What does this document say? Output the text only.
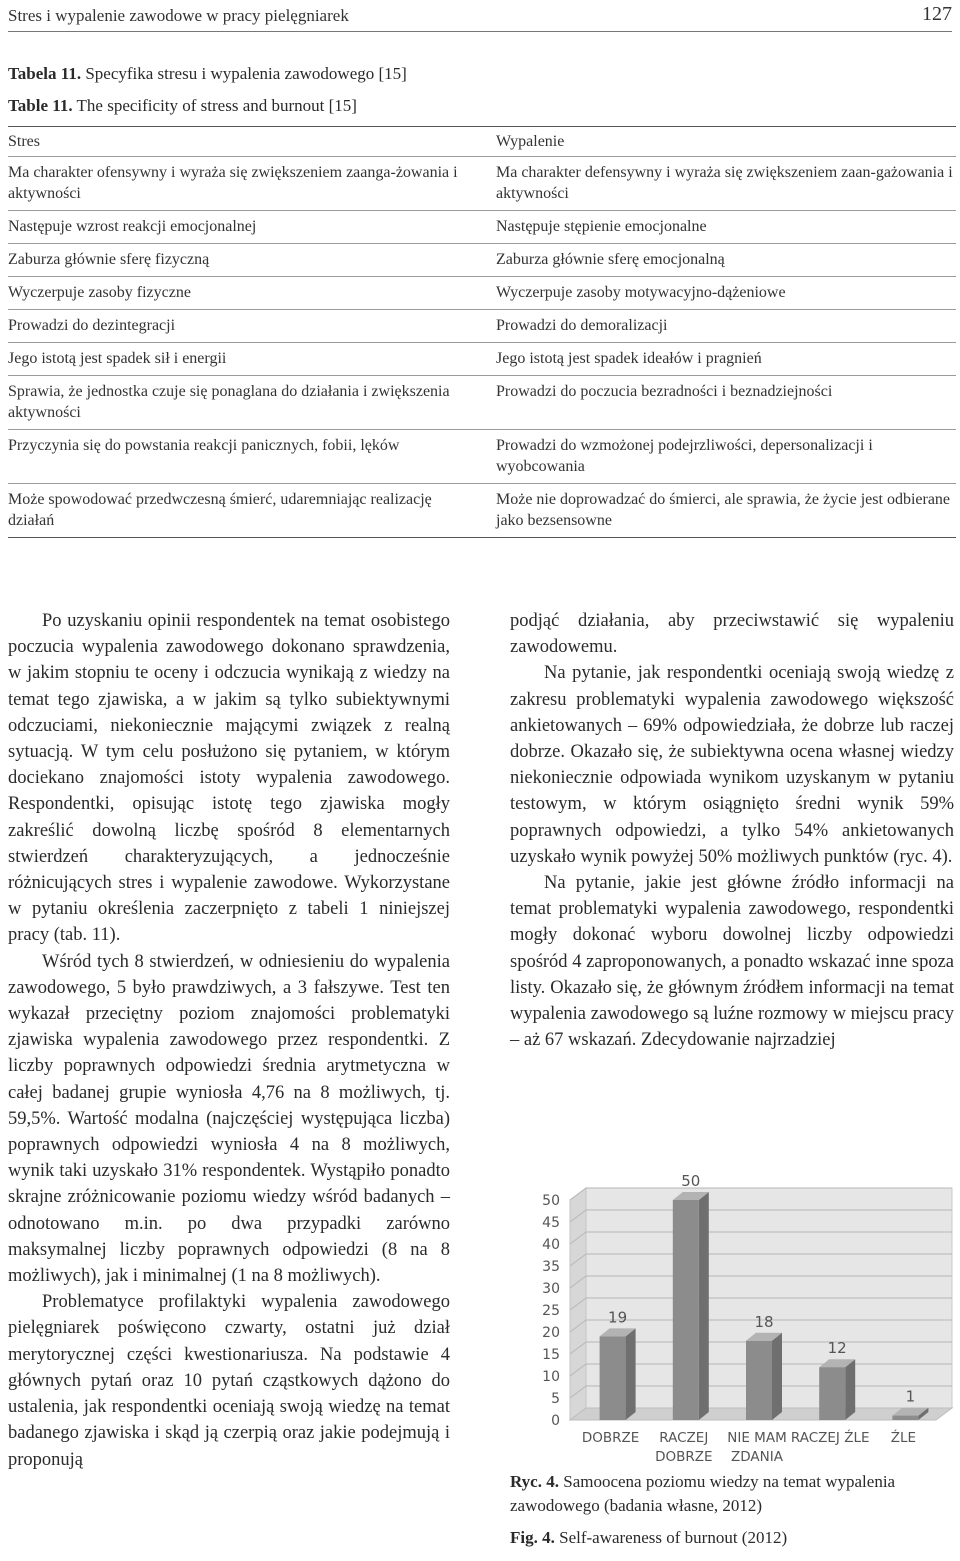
Stres i wypalenie zawodowe w pracy pielęgniarek	127
Tabela 11. Specyfika stresu i wypalenia zawodowego [15]
Table 11. The specificity of stress and burnout [15]
Stres	Wypalenie
Ma charakter ofensywny i wyraża się zwiększeniem zaanga-żowania i aktywności	Ma charakter defensywny i wyraża się zwiększeniem zaan-gażowania i aktywności
Następuje wzrost reakcji emocjonalnej	Następuje stępienie emocjonalne
Zaburza głównie sferę fizyczną	Zaburza głównie sferę emocjonalną
Wyczerpuje zasoby fizyczne	Wyczerpuje zasoby motywacyjno-dążeniowe
Prowadzi do dezintegracji	Prowadzi do demoralizacji
Jego istotą jest spadek sił i energii	Jego istotą jest spadek ideałów i pragnień
Sprawia, że jednostka czuje się ponaglana do działania i zwiększenia aktywności	Prowadzi do poczucia bezradności i beznadziejności
Przyczynia się do powstania reakcji panicznych, fobii, lęków	Prowadzi do wzmożonej podejrzliwości, depersonalizacji i wyobcowania
Może spowodować przedwczesną śmierć, udaremniając realizację działań	Może nie doprowadzać do śmierci, ale sprawia, że życie jest odbierane jako bezsensowne

Po uzyskaniu opinii respondentek na temat osobistego poczucia wypalenia zawodowego dokonano sprawdzenia, w jakim stopniu te oceny i odczucia wynikają z wiedzy na temat tego zjawiska, a w jakim są tylko subiektywnymi odczuciami, niekoniecznie mającymi związek z realną sytuacją. W tym celu posłużono się pytaniem, w którym dociekano znajomości istoty wypalenia zawodowego. Respondentki, opisując istotę tego zjawiska mogły zakreślić dowolną liczbę spośród 8 elementarnych stwierdzeń charakteryzujących, a jednocześnie różnicujących stres i wypalenie zawodowe. Wykorzystane w pytaniu określenia zaczerpnięto z tabeli 1 niniejszej pracy (tab. 11).

Wśród tych 8 stwierdzeń, w odniesieniu do wypalenia zawodowego, 5 było prawdziwych, a 3 fałszywe. Test ten wykazał przeciętny poziom znajomości problematyki zjawiska wypalenia zawodowego przez respondentki. Z liczby poprawnych odpowiedzi średnia arytmetyczna w całej badanej grupie wyniosła 4,76 na 8 możliwych, tj. 59,5%. Wartość modalna (najczęściej występująca liczba) poprawnych odpowiedzi wyniosła 4 na 8 możliwych, wynik taki uzyskało 31% respondentek. Wystąpiło ponadto skrajne zróżnicowanie poziomu wiedzy wśród badanych – odnotowano m.in. po dwa przypadki zarówno maksymalnej liczby poprawnych odpowiedzi (8 na 8 możliwych), jak i minimalnej (1 na 8 możliwych).

Problematyce profilaktyki wypalenia zawodowego pielęgniarek poświęcono czwarty, ostatni już dział merytorycznej części kwestionariusza. Na podstawie 4 głównych pytań oraz 10 pytań cząstkowych dążono do ustalenia, jak respondentki oceniają swoją wiedzę na temat badanego zjawiska i skąd ją czerpią oraz jakie podejmują i proponują

podjąć działania, aby przeciwstawić się wypaleniu zawodowemu.

Na pytanie, jak respondentki oceniają swoją wiedzę z zakresu problematyki wypalenia zawodowego większość ankietowanych – 69% odpowiedziała, że dobrze lub raczej dobrze. Okazało się, że subiektywna ocena własnej wiedzy niekoniecznie odpowiada wynikom uzyskanym w pytaniu testowym, w którym osiągnięto średni wynik 59% poprawnych odpowiedzi, a tylko 54% ankietowanych uzyskało wynik powyżej 50% możliwych punktów (ryc. 4).

Na pytanie, jakie jest główne źródło informacji na temat problematyki wypalenia zawodowego, respondentki mogły dokonać wyboru dowolnej liczby odpowiedzi spośród 4 zaproponowanych, a ponadto wskazać inne spoza listy. Okazało się, że głównym źródłem informacji na temat wypalenia zawodowego są luźne rozmowy w miejscu pracy – aż 67 wskazań. Zdecydowanie najrzadziej

0
5
10
15
20
25
30
35
40
45
50
19
DOBRZE
50
RACZEJ
DOBRZE
18
NIE MAM
ZDANIA
12
RACZEJ ŹLE
1
ŹLE
Ryc. 4. Samoocena poziomu wiedzy na temat wypalenia zawodowego (badania własne, 2012)
Fig. 4. Self-awareness of burnout (2012)
